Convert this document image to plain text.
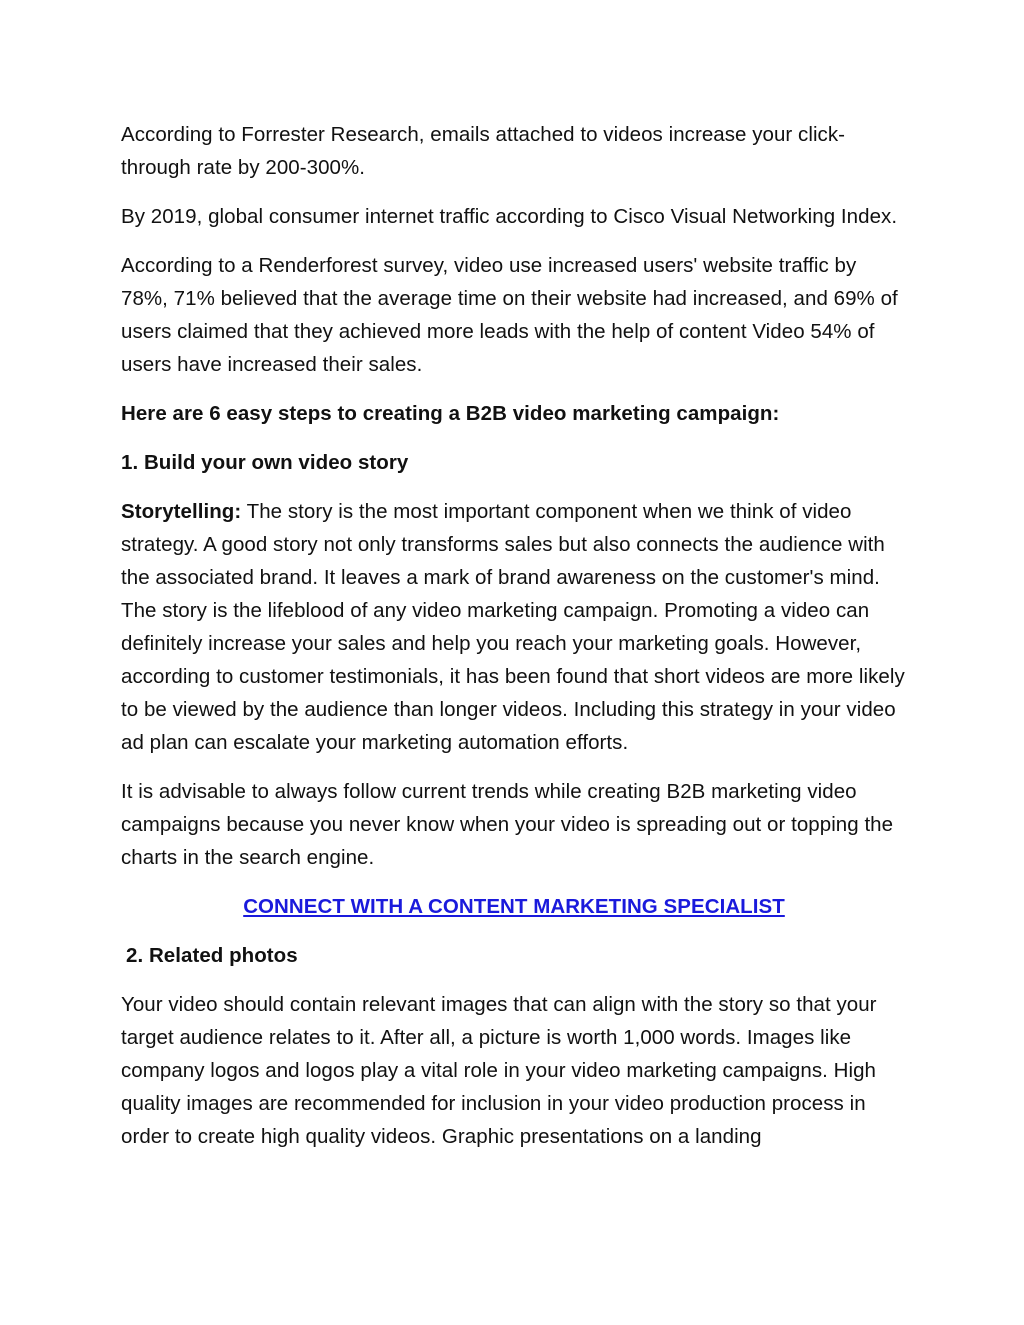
According to Forrester Research, emails attached to videos increase your click-through rate by 200-300%.

By 2019, global consumer internet traffic according to Cisco Visual Networking Index.

According to a Renderforest survey, video use increased users' website traffic by 78%, 71% believed that the average time on their website had increased, and 69% of users claimed that they achieved more leads with the help of content Video 54% of users have increased their sales.

Here are 6 easy steps to creating a B2B video marketing campaign:

1. Build your own video story

Storytelling: The story is the most important component when we think of video strategy. A good story not only transforms sales but also connects the audience with the associated brand. It leaves a mark of brand awareness on the customer's mind. The story is the lifeblood of any video marketing campaign. Promoting a video can definitely increase your sales and help you reach your marketing goals. However, according to customer testimonials, it has been found that short videos are more likely to be viewed by the audience than longer videos. Including this strategy in your video ad plan can escalate your marketing automation efforts.

It is advisable to always follow current trends while creating B2B marketing video campaigns because you never know when your video is spreading out or topping the charts in the search engine.

CONNECT WITH A CONTENT MARKETING SPECIALIST

2. Related photos

Your video should contain relevant images that can align with the story so that your target audience relates to it. After all, a picture is worth 1,000 words. Images like company logos and logos play a vital role in your video marketing campaigns. High quality images are recommended for inclusion in your video production process in order to create high quality videos. Graphic presentations on a landing
